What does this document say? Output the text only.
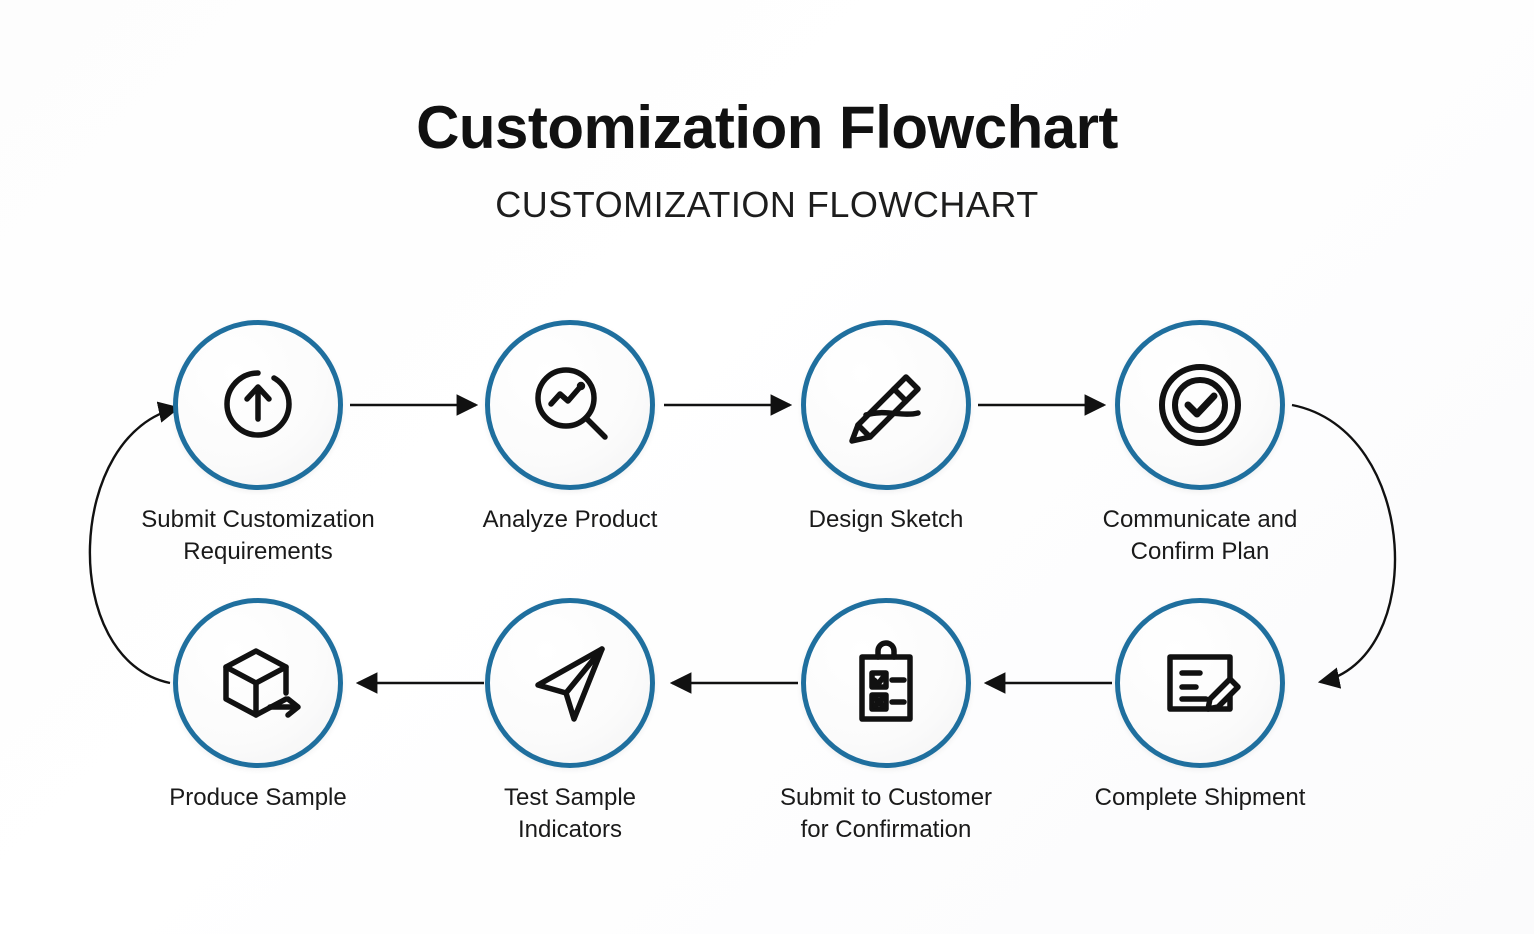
Customization Flowchart
CUSTOMIZATION FLOWCHART
Submit Customization Requirements
Analyze Product	Design Sketch	Communicate and Confirm Plan
Complete Shipment
Submit to Customer for Confirmation
Test Sample Indicators
Produce Sample
